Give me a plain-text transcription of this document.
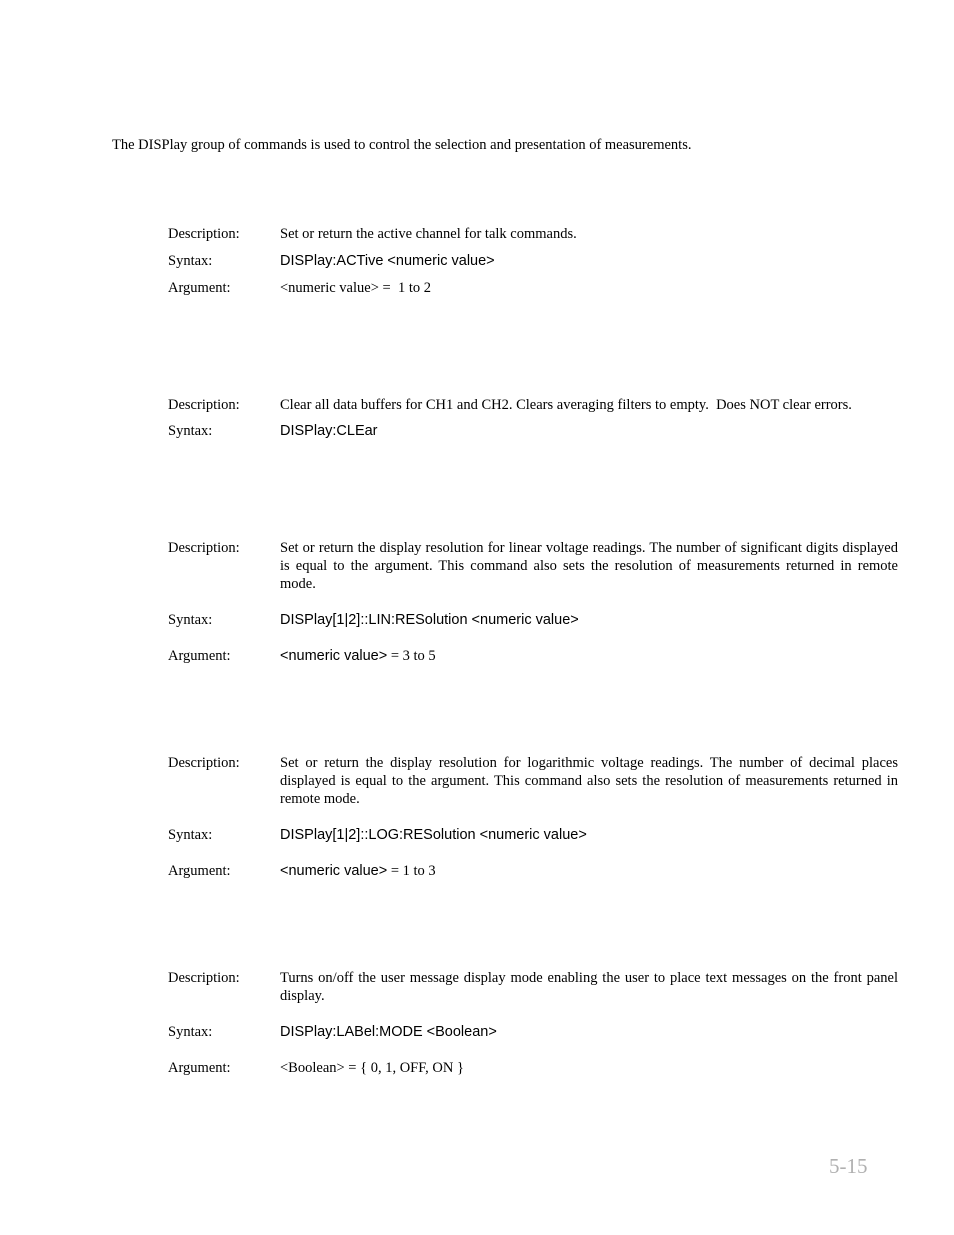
The DISPlay group of commands is used to control the selection and presentation of measurements.
Description:	Set or return the active channel for talk commands.
Syntax:	DISPlay:ACTive <numeric value>
Argument:	<numeric value> =  1 to 2
Description:	Clear all data buffers for CH1 and CH2. Clears averaging filters to empty.  Does NOT clear errors.
Syntax:	DISPlay:CLEar
Description:	Set or return the display resolution for linear voltage readings. The number of significant digits displayed is equal to the argument. This command also sets the resolution of measurements returned in remote mode.
Syntax:	DISPlay[1|2]::LIN:RESolution <numeric value>
Argument:	<numeric value> = 3 to 5
Description:	Set or return the display resolution for logarithmic voltage readings. The number of decimal places displayed is equal to the argument. This command also sets the resolution of measurements returned in remote mode.
Syntax:	DISPlay[1|2]::LOG:RESolution <numeric value>
Argument:	<numeric value> = 1 to 3
Description:	Turns on/off the user message display mode enabling the user to place text messages on the front panel display.
Syntax:	DISPlay:LABel:MODE <Boolean>
Argument:	<Boolean> = { 0, 1, OFF, ON }
5-15
